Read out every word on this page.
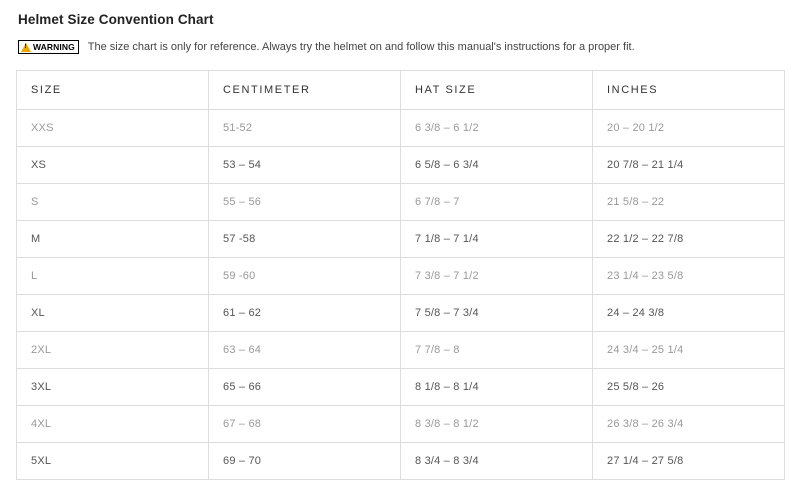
Helmet Size Convention Chart
!
WARNING The size chart is only for reference. Always try the helmet on and follow this manual's instructions for a proper fit.
SIZE	CENTIMETER	HAT SIZE	INCHES
XXS	51-52	6 3/8 – 6 1/2	20 – 20 1/2
XS	53 – 54	6 5/8 – 6 3/4	20 7/8 – 21 1/4
S	55 – 56	6 7/8 – 7	21 5/8 – 22
M	57 -58	7 1/8 – 7 1/4	22 1/2 – 22 7/8
L	59 -60	7 3/8 – 7 1/2	23 1/4 – 23 5/8
XL	61 – 62	7 5/8 – 7 3/4	24 – 24 3/8
2XL	63 – 64	7 7/8 – 8	24 3/4 – 25 1/4
3XL	65 – 66	8 1/8 – 8 1/4	25 5/8 – 26
4XL	67 – 68	8 3/8 – 8 1/2	26 3/8 – 26 3/4
5XL	69 – 70	8 3/4 – 8 3/4	27 1/4 – 27 5/8
